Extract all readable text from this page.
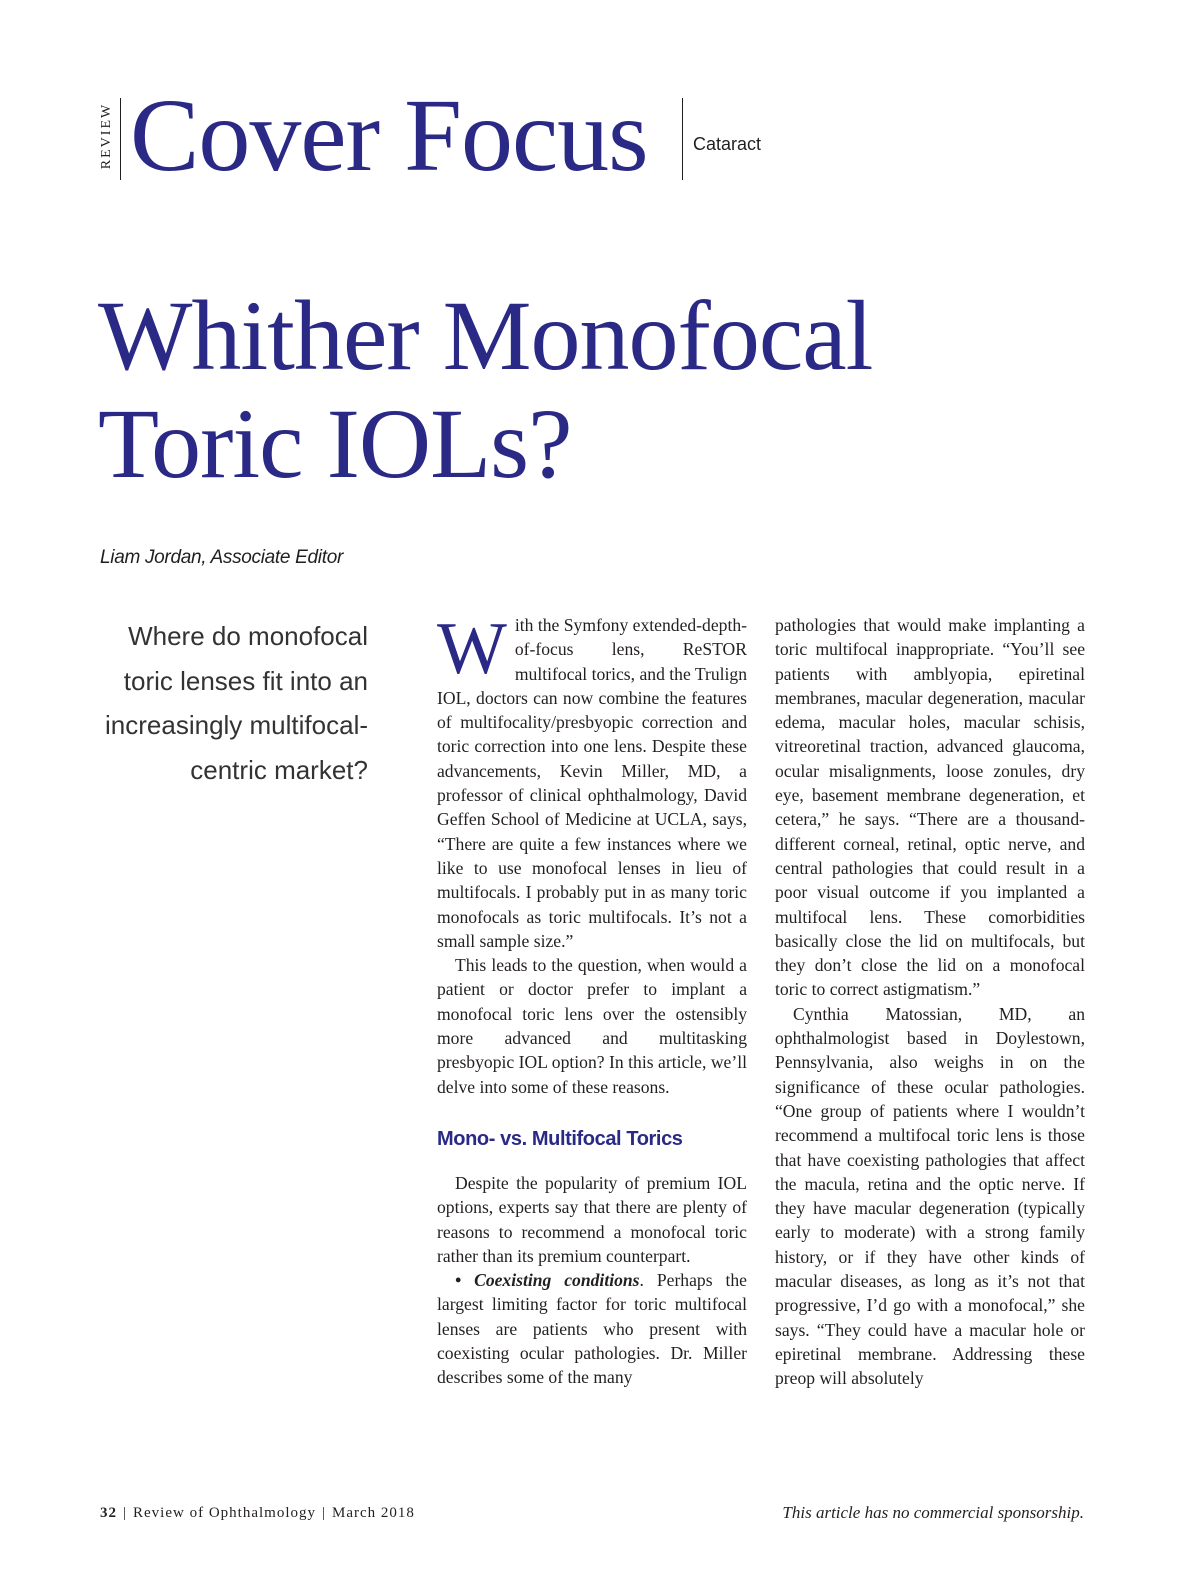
REVIEW Cover Focus	Cataract
Whither Monofocal
Toric IOLs?
Liam Jordan, Associate Editor
Where do monofocal toric lenses fit into an increasingly multifocal-centric market?

With the Symfony extended-depth-of-focus lens, ReSTOR multifocal torics, and the Trulign IOL, doctors can now combine the features of multifocality/presbyopic correction and toric correction into one lens. Despite these advancements, Kevin Miller, MD, a professor of clinical ophthalmology, David Geffen School of Medicine at UCLA, says, “There are quite a few instances where we like to use monofocal lenses in lieu of multifocals. I probably put in as many toric monofocals as toric multifocals. It’s not a small sample size.”

This leads to the question, when would a patient or doctor prefer to implant a monofocal toric lens over the ostensibly more advanced and multitasking presbyopic IOL option? In this article, we’ll delve into some of these reasons.

Mono- vs. Multifocal Torics

Despite the popularity of premium IOL options, experts say that there are plenty of reasons to recommend a monofocal toric rather than its premium counterpart.

• Coexisting conditions. Perhaps the largest limiting factor for toric multifocal lenses are patients who present with coexisting ocular pathologies. Dr. Miller describes some of the many

pathologies that would make implanting a toric multifocal inappropriate. “You’ll see patients with amblyopia, epiretinal membranes, macular degeneration, macular edema, macular holes, macular schisis, vitreoretinal traction, advanced glaucoma, ocular misalignments, loose zonules, dry eye, basement membrane degeneration, et cetera,” he says. “There are a thousand-different corneal, retinal, optic nerve, and central pathologies that could result in a poor visual outcome if you implanted a multifocal lens. These comorbidities basically close the lid on multifocals, but they don’t close the lid on a monofocal toric to correct astigmatism.”

Cynthia Matossian, MD, an ophthalmologist based in Doylestown, Pennsylvania, also weighs in on the significance of these ocular pathologies. “One group of patients where I wouldn’t recommend a multifocal toric lens is those that have coexisting pathologies that affect the macula, retina and the optic nerve. If they have macular degeneration (typically early to moderate) with a strong family history, or if they have other kinds of macular diseases, as long as it’s not that progressive, I’d go with a monofocal,” she says. “They could have a macular hole or epiretinal membrane. Addressing these preop will absolutely

32 | Review of Ophthalmology | March 2018	This article has no commercial sponsorship.
